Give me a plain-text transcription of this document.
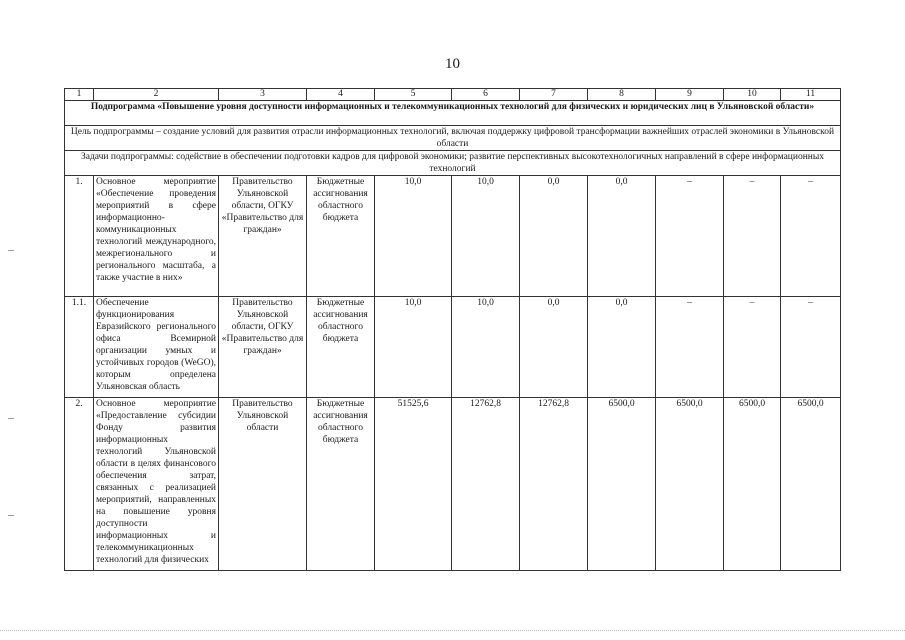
10
1	2	3	4	5	6	7	8	9	10	11
Подпрограмма «Повышение уровня доступности информационных и телекоммуникационных технологий для физических и юридических лиц в Ульяновской области»										
Цель подпрограммы – создание условий для развития отрасли информационных технологий, включая поддержку цифровой трансформации важнейших отраслей экономики в Ульяновской области										
Задачи подпрограммы: содействие в обеспечении подготовки кадров для цифровой экономики; развитие перспективных высокотехнологичных направлений в сфере информационных технологий										
1.	Основное мероприятие «Обеспечение проведения мероприятий в сфере информационно-коммуникационных технологий международного, межрегионального и регионального масштаба, а также участие в них»	Правительство Ульяновской области, ОГКУ «Правительство для граждан»	Бюджетные ассигнования областного бюджета	10,0	10,0	0,0	0,0	–	–	–
1.1.	Обеспечение функционирования Евразийского регионального офиса Всемирной организации умных и устойчивых городов (WeGO), которым определена Ульяновская область	Правительство Ульяновской области, ОГКУ «Правительство для граждан»	Бюджетные ассигнования областного бюджета	10,0	10,0	0,0	0,0	–	–	–
2.	Основное мероприятие «Предоставление субсидии Фонду развития информационных технологий Ульяновской области в целях финансового обеспечения затрат, связанных с реализацией мероприятий, направленных на повышение уровня доступности информационных и телекоммуникационных технологий для физических	Правительство Ульяновской области	Бюджетные ассигнования областного бюджета	51525,6	12762,8	12762,8	6500,0	6500,0	6500,0	6500,0
